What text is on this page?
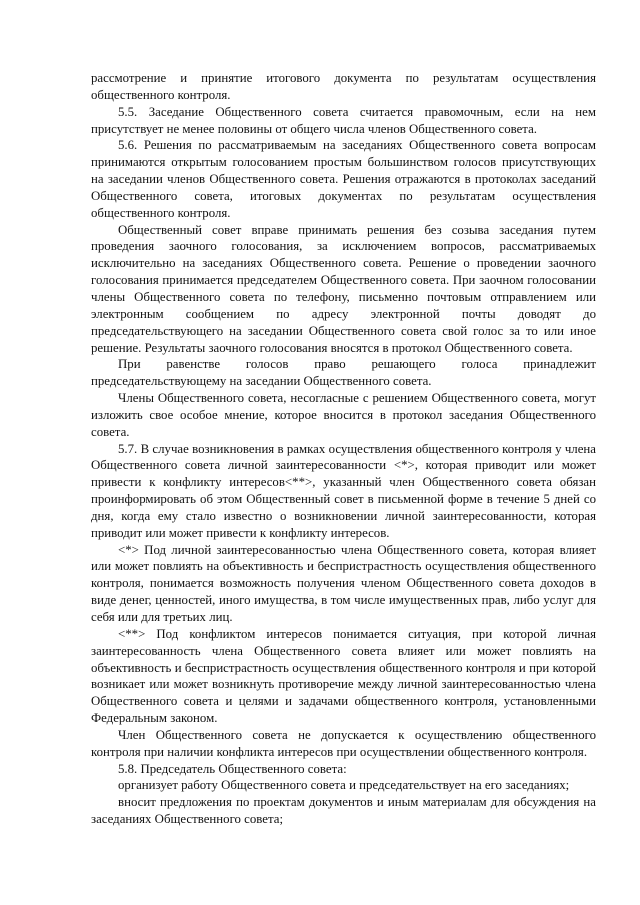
рассмотрение и принятие итогового документа по результатам осуществления общественного контроля.

5.5. Заседание Общественного совета считается правомочным, если на нем присутствует не менее половины от общего числа членов Общественного совета.

5.6. Решения по рассматриваемым на заседаниях Общественного совета вопросам принимаются открытым голосованием простым большинством голосов присутствующих на заседании членов Общественного совета. Решения отражаются в протоколах заседаний Общественного совета, итоговых документах по результатам осуществления общественного контроля.

Общественный совет вправе принимать решения без созыва заседания путем проведения заочного голосования, за исключением вопросов, рассматриваемых исключительно на заседаниях Общественного совета. Решение о проведении заочного голосования принимается председателем Общественного совета. При заочном голосовании члены Общественного совета по телефону, письменно почтовым отправлением или электронным сообщением по адресу электронной почты доводят до председательствующего на заседании Общественного совета свой голос за то или иное решение. Результаты заочного голосования вносятся в протокол Общественного совета.

При равенстве голосов право решающего голоса принадлежит председательствующему на заседании Общественного совета.

Члены Общественного совета, несогласные с решением Общественного совета, могут изложить свое особое мнение, которое вносится в протокол заседания Общественного совета.

5.7. В случае возникновения в рамках осуществления общественного контроля у члена Общественного совета личной заинтересованности <*>, которая приводит или может привести к конфликту интересов<**>, указанный член Общественного совета обязан проинформировать об этом Общественный совет в письменной форме в течение 5 дней со дня, когда ему стало известно о возникновении личной заинтересованности, которая приводит или может привести к конфликту интересов.

<*> Под личной заинтересованностью члена Общественного совета, которая влияет или может повлиять на объективность и беспристрастность осуществления общественного контроля, понимается возможность получения членом Общественного совета доходов в виде денег, ценностей, иного имущества, в том числе имущественных прав, либо услуг для себя или для третьих лиц.

<**> Под конфликтом интересов понимается ситуация, при которой личная заинтересованность члена Общественного совета влияет или может повлиять на объективность и беспристрастность осуществления общественного контроля и при которой возникает или может возникнуть противоречие между личной заинтересованностью члена Общественного совета и целями и задачами общественного контроля, установленными Федеральным законом.

Член Общественного совета не допускается к осуществлению общественного контроля при наличии конфликта интересов при осуществлении общественного контроля.

5.8. Председатель Общественного совета:

организует работу Общественного совета и председательствует на его заседаниях;

вносит предложения по проектам документов и иным материалам для обсуждения на заседаниях Общественного совета;
